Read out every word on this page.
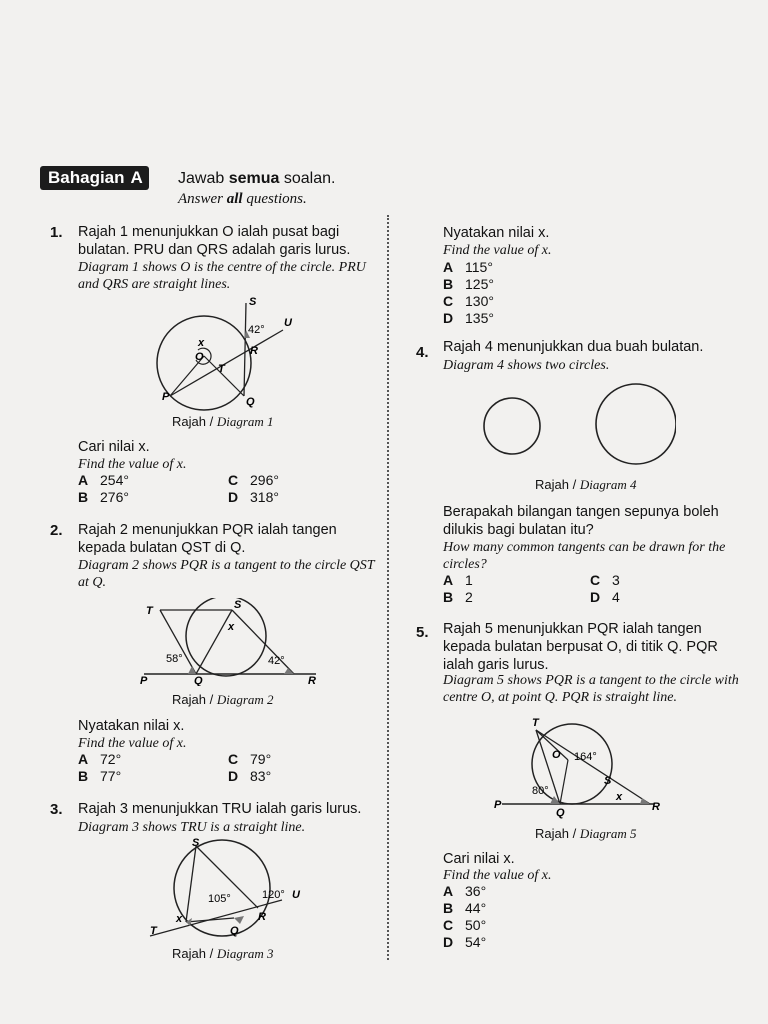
Bahagian A	Jawab semua soalan.
Answer all questions.
1. Rajah 1 menunjukkan O ialah pusat bagi bulatan. PRU dan QRS adalah garis lurus.
Diagram 1 shows O is the centre of the circle. PRU and QRS are straight lines.
S
U
42°
R
x
O
T
P	Q
Rajah / Diagram 1
Cari nilai x.
Find the value of x.
A 254°
B 276°
C 296°
D 318°
2. Rajah 2 menunjukkan PQR ialah tangen kepada bulatan QST di Q.
Diagram 2 shows PQR is a tangent to the circle QST at Q.
T	S
x
58°	42°
P	Q	R
Rajah / Diagram 2
Nyatakan nilai x.
Find the value of x.
A 72°
B 77°
C 79°
D 83°
3. Rajah 3 menunjukkan TRU ialah garis lurus.
Diagram 3 shows TRU is a straight line.
S
105°	120° U
x	R
T	Q
Rajah / Diagram 3
Nyatakan nilai x.
Find the value of x.
A 115°
B 125°
C 130°
D 135°
4. Rajah 4 menunjukkan dua buah bulatan.
Diagram 4 shows two circles.
Rajah / Diagram 4
Berapakah bilangan tangen sepunya boleh dilukis bagi bulatan itu?
How many common tangents can be drawn for the circles?
A 1
B 2
C 3
D 4
5. Rajah 5 menunjukkan PQR ialah tangen kepada bulatan berpusat O, di titik Q. PQR ialah garis lurus.
Diagram 5 shows PQR is a tangent to the circle with centre O, at point Q. PQR is straight line.
T
O 164°
S
80°	x
P
Q	R
Rajah / Diagram 5
Cari nilai x.
Find the value of x.
A 36°
B 44°
C 50°
D 54°
